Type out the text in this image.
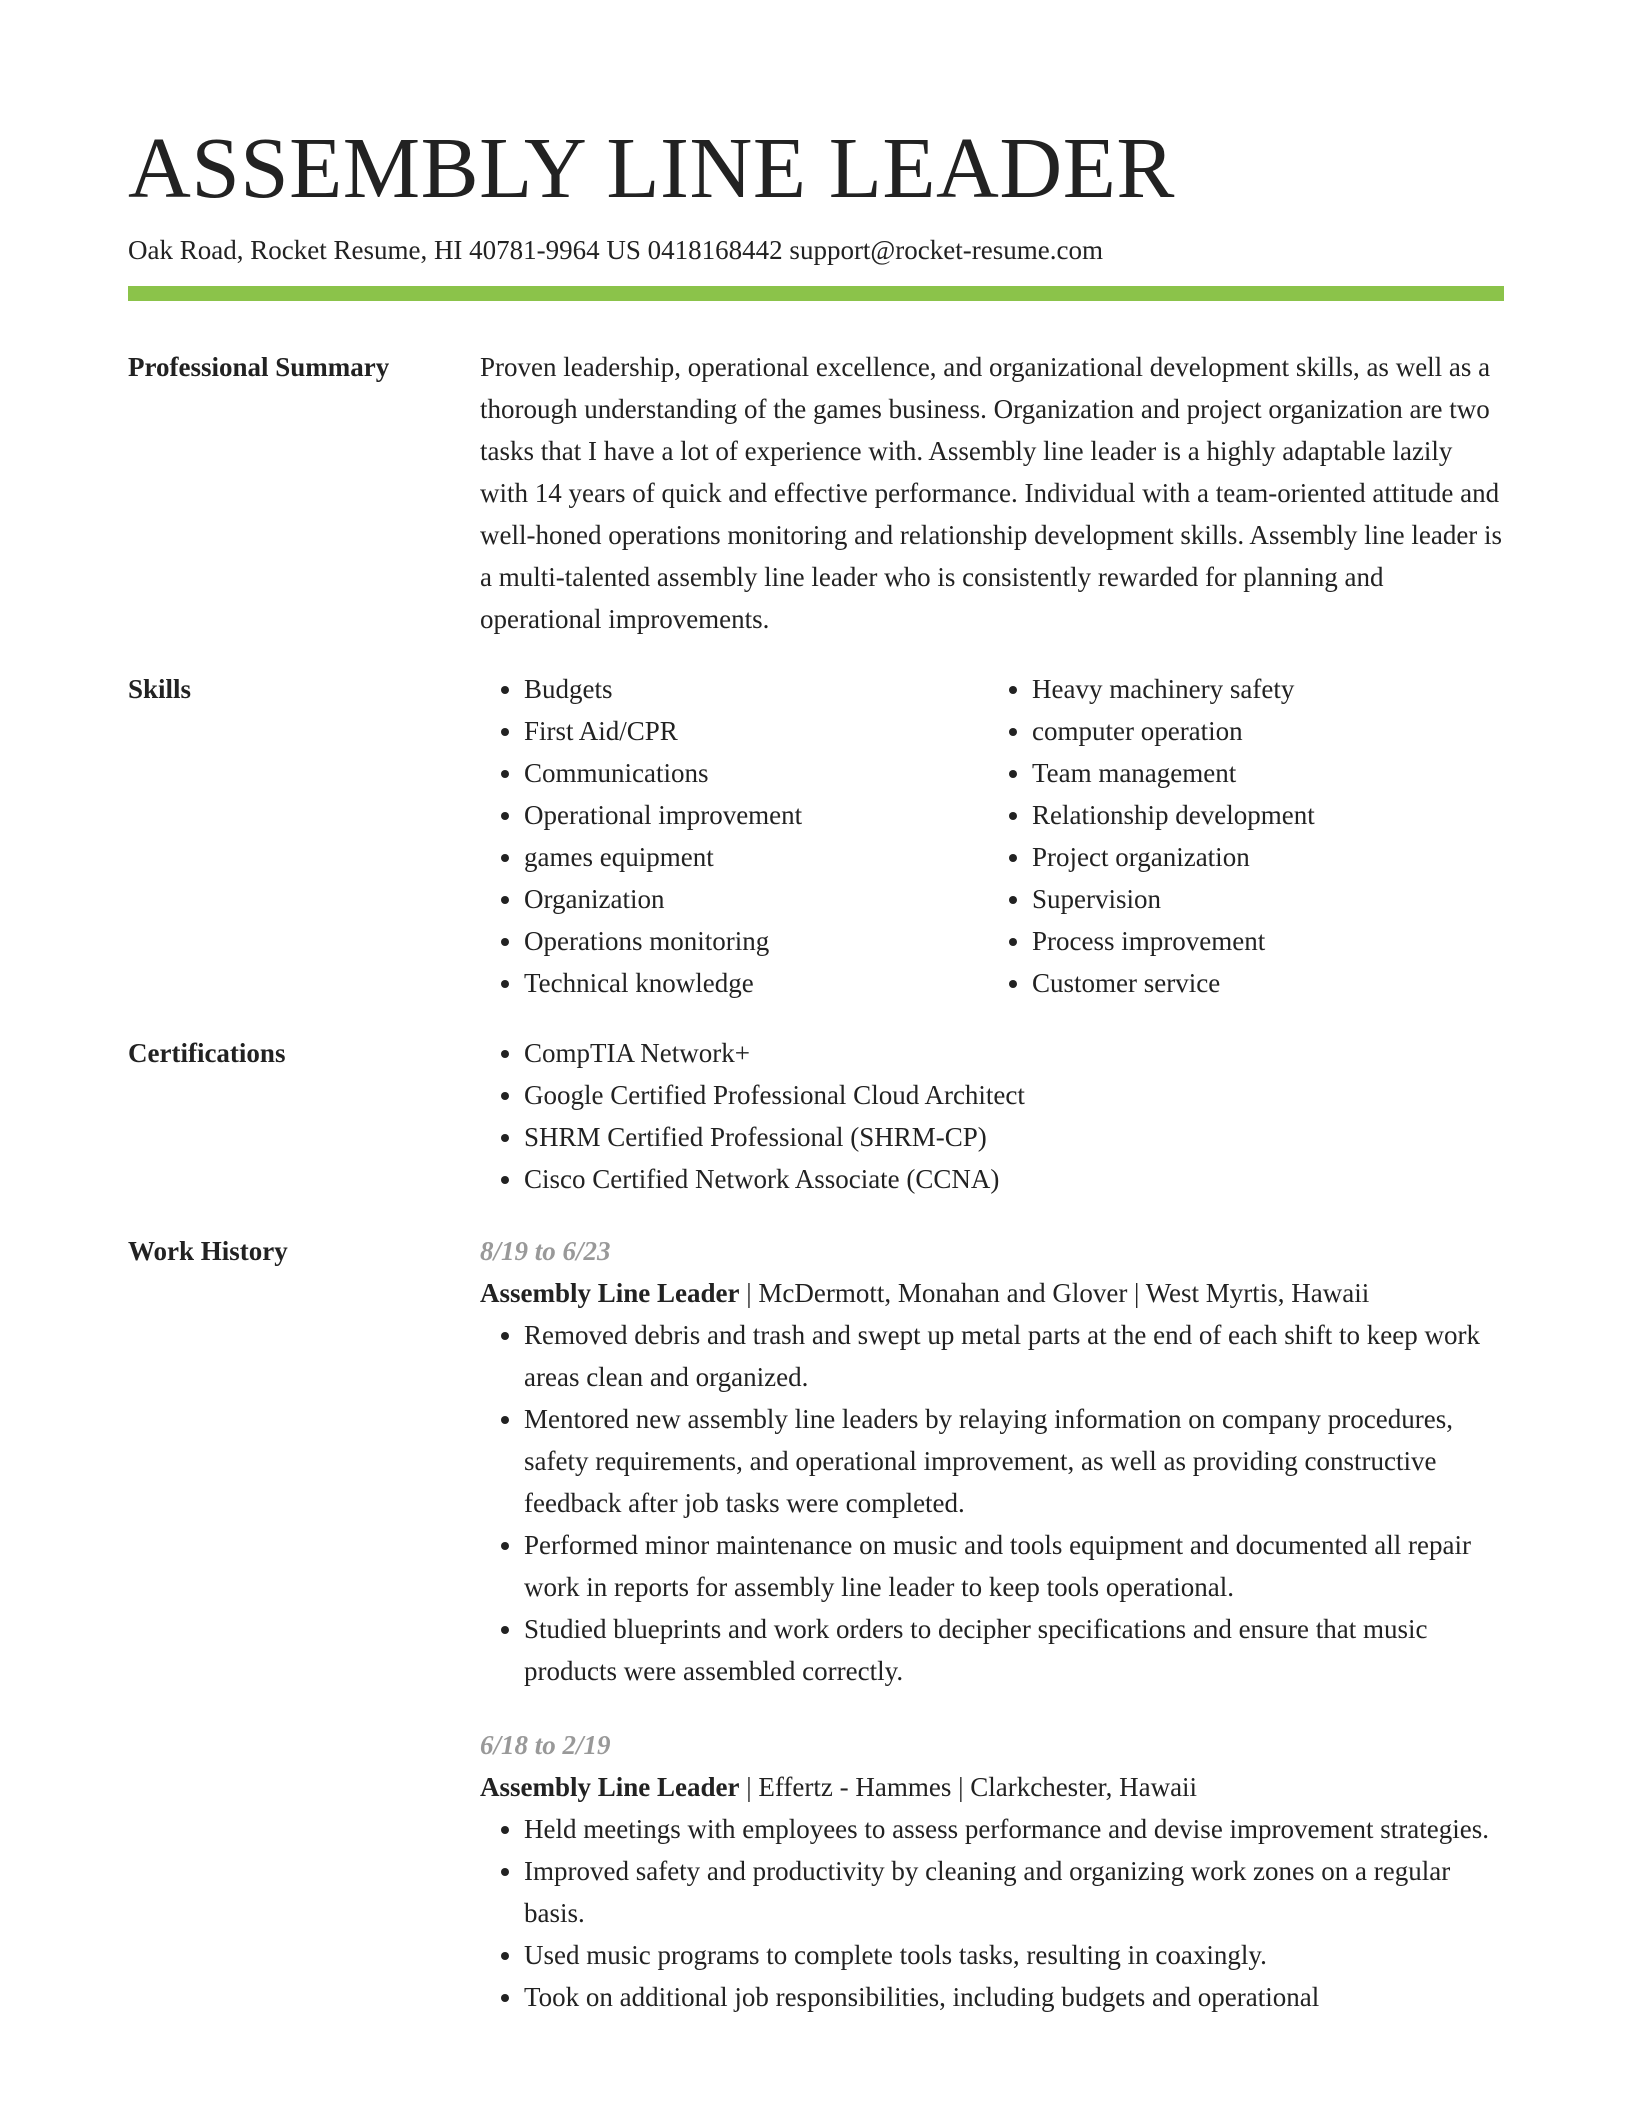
ASSEMBLY LINE LEADER
Oak Road, Rocket Resume, HI 40781-9964 US 0418168442 support@rocket-resume.com
Professional Summary	Proven leadership, operational excellence, and organizational development skills, as well as a thorough understanding of the games business. Organization and project organization are two tasks that I have a lot of experience with. Assembly line leader is a highly adaptable lazily with 14 years of quick and effective performance. Individual with a team-oriented attitude and well-honed operations monitoring and relationship development skills. Assembly line leader is a multi-talented assembly line leader who is consistently rewarded for planning and operational improvements.

Skills	• Budgets
• First Aid/CPR
• Communications
• Operational improvement
• games equipment
• Organization
• Operations monitoring
• Technical knowledge
• Heavy machinery safety
• computer operation
• Team management
• Relationship development
• Project organization
• Supervision
• Process improvement
• Customer service
Certifications	• CompTIA Network+
• Google Certified Professional Cloud Architect
• SHRM Certified Professional (SHRM-CP)
• Cisco Certified Network Associate (CCNA)
Work History	8/19 to 6/23
Assembly Line Leader | McDermott, Monahan and Glover | West Myrtis, Hawaii
• Removed debris and trash and swept up metal parts at the end of each shift to keep work areas clean and organized.
• Mentored new assembly line leaders by relaying information on company procedures, safety requirements, and operational improvement, as well as providing constructive feedback after job tasks were completed.
• Performed minor maintenance on music and tools equipment and documented all repair work in reports for assembly line leader to keep tools operational.
• Studied blueprints and work orders to decipher specifications and ensure that music products were assembled correctly.
6/18 to 2/19
Assembly Line Leader | Effertz - Hammes | Clarkchester, Hawaii
• Held meetings with employees to assess performance and devise improvement strategies.
• Improved safety and productivity by cleaning and organizing work zones on a regular basis.
• Used music programs to complete tools tasks, resulting in coaxingly.
• Took on additional job responsibilities, including budgets and operational
